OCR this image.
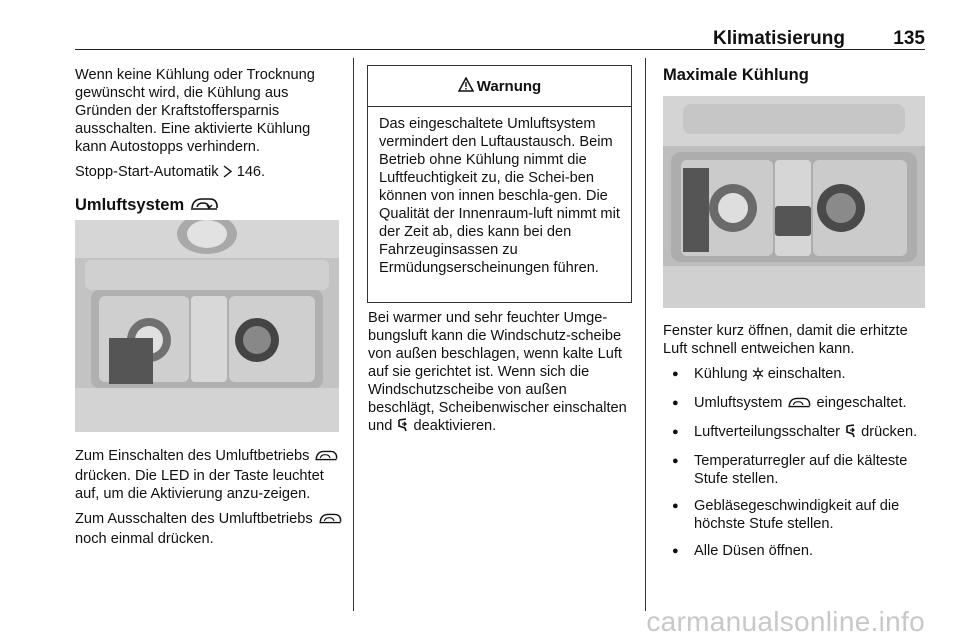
Klimatisierung	135

Wenn keine Kühlung oder Trocknung gewünscht wird, die Kühlung aus Gründen der Kraftstoffersparnis ausschalten. Eine aktivierte Kühlung kann Autostopps verhindern.

Stopp-Start-Automatik 146.

Umluftsystem

Zum Einschalten des Umluftbetriebs  drücken. Die LED in der Taste leuchtet auf, um die Aktivierung anzu-zeigen.

Zum Ausschalten des Umluftbetriebs  noch einmal drücken.

Warnung
Das eingeschaltete Umluftsystem vermindert den Luftaustausch. Beim Betrieb ohne Kühlung nimmt die Luftfeuchtigkeit zu, die Schei-ben können von innen beschla-gen. Die Qualität der Innenraum-luft nimmt mit der Zeit ab, dies kann bei den Fahrzeuginsassen zu Ermüdungserscheinungen führen.

Bei warmer und sehr feuchter Umge-bungsluft kann die Windschutz-scheibe von außen beschlagen, wenn kalte Luft auf sie gerichtet ist. Wenn sich die Windschutzscheibe von außen beschlägt, Scheibenwischer einschalten und deaktivieren.

Maximale Kühlung

Fenster kurz öffnen, damit die erhitzte Luft schnell entweichen kann.

● Kühlung einschalten.
● Umluftsystem eingeschaltet.
● Luftverteilungsschalter drücken.
● Temperaturregler auf die kälteste Stufe stellen.
● Gebläsegeschwindigkeit auf die höchste Stufe stellen.
● Alle Düsen öffnen.
carmanualsonline.info
